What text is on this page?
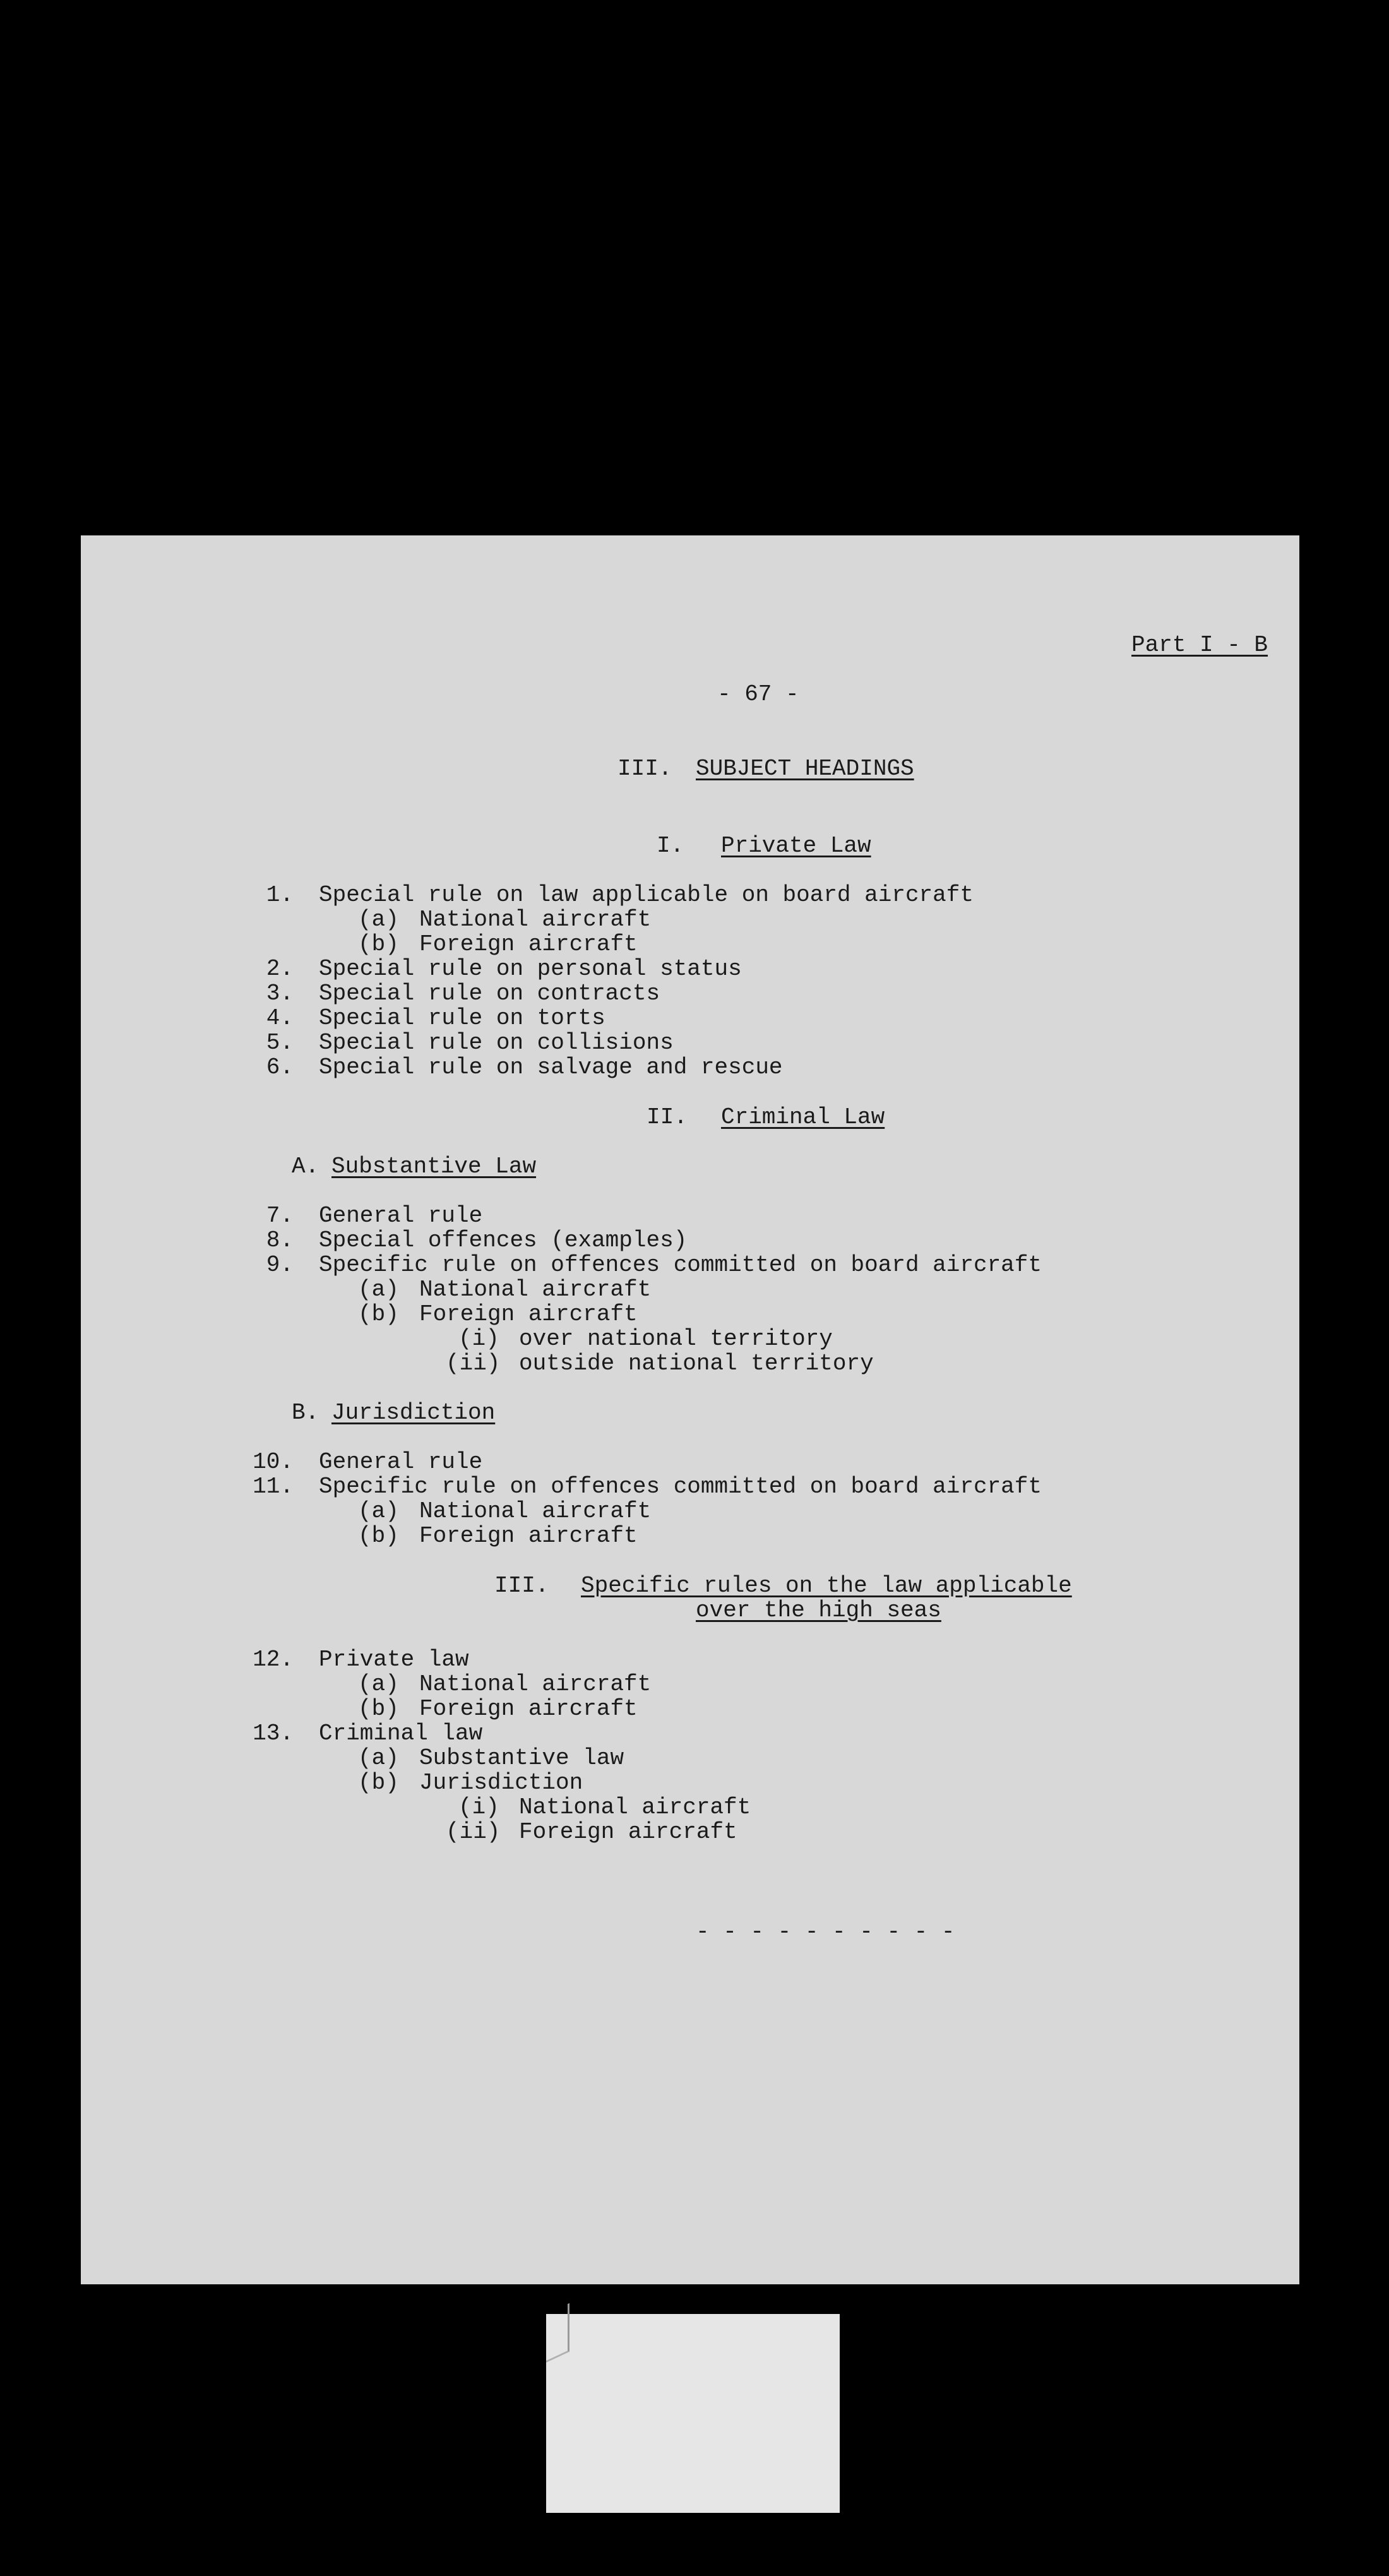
Part I - B
- 67 -
III. SUBJECT HEADINGS
I. Private Law
1. Special rule on law applicable on board aircraft
(a) National aircraft
(b) Foreign aircraft
2. Special rule on personal status
3. Special rule on contracts
4. Special rule on torts
5. Special rule on collisions
6. Special rule on salvage and rescue
II. Criminal Law
A. Substantive Law
7. General rule
8. Special offences (examples)
9. Specific rule on offences committed on board aircraft
(a) National aircraft
(b) Foreign aircraft
(i) over national territory
(ii) outside national territory
B. Jurisdiction
10. General rule
11. Specific rule on offences committed on board aircraft
(a) National aircraft
(b) Foreign aircraft
III. Specific rules on the law applicable
over the high seas
12. Private law
(a) National aircraft
(b) Foreign aircraft
13. Criminal law
(a) Substantive law
(b) Jurisdiction
(i) National aircraft
(ii) Foreign aircraft
- - - - - - - - - -
